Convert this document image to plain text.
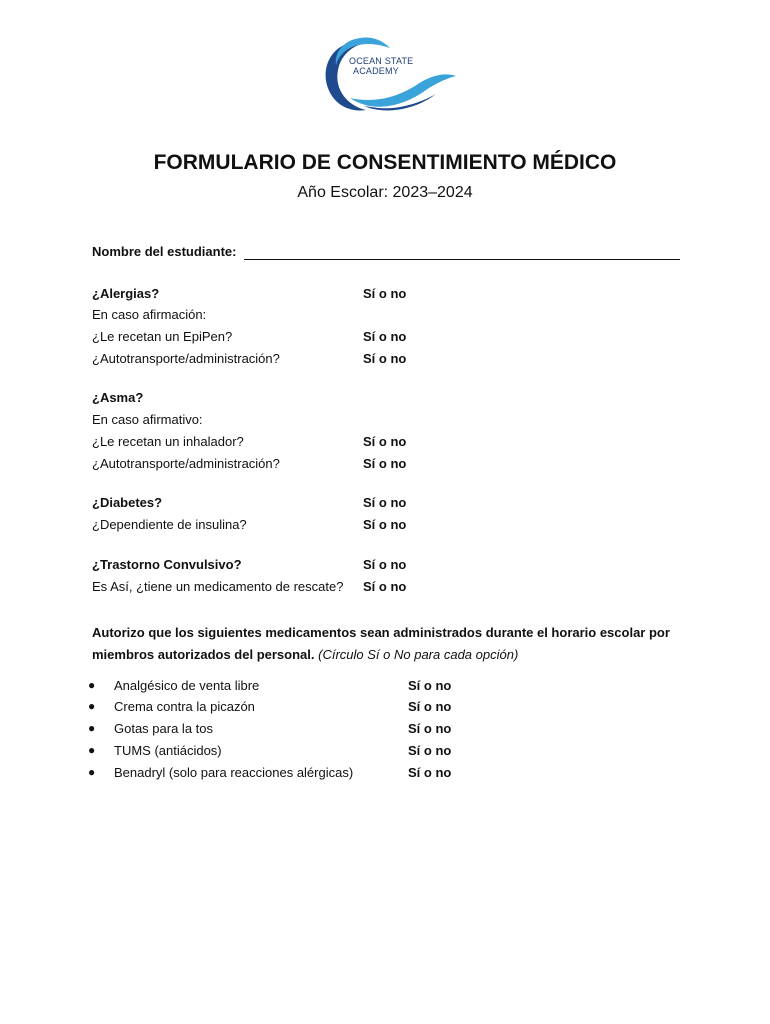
OCEAN STATE
ACADEMY
FORMULARIO DE CONSENTIMIENTO MÉDICO
Año Escolar: 2023–2024
Nombre del estudiante:
¿Alergias?	Sí o no
En caso afirmación:
¿Le recetan un EpiPen?	Sí o no
¿Autotransporte/administración?	Sí o no
¿Asma?
En caso afirmativo:
¿Le recetan un inhalador?	Sí o no
¿Autotransporte/administración?	Sí o no
¿Diabetes?	Sí o no
¿Dependiente de insulina?	Sí o no
¿Trastorno Convulsivo?	Sí o no
Es Así, ¿tiene un medicamento de rescate? Sí o no
Autorizo que los siguientes medicamentos sean administrados durante el horario escolar por miembros autorizados del personal. (Círculo Sí o No para cada opción)
● Analgésico de venta libre	Sí o no
● Crema contra la picazón	Sí o no
● Gotas para la tos	Sí o no
● TUMS (antiácidos)	Sí o no
● Benadryl (solo para reacciones alérgicas)	Sí o no
